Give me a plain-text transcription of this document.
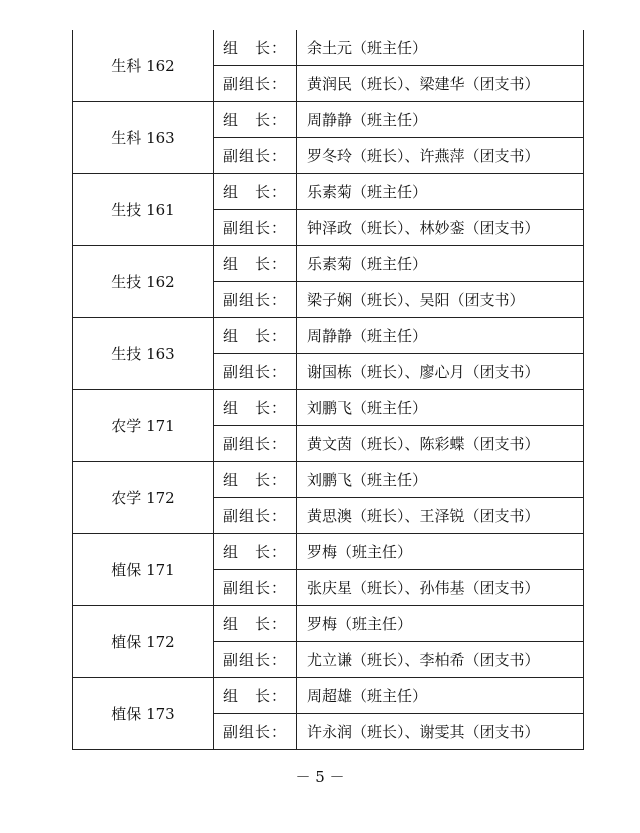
生科 162	组　长：	余土元（班主任）
	副组长：	黄润民（班长）、梁建华（团支书）
生科 163	组　长：	周静静（班主任）
	副组长：	罗冬玲（班长）、许燕萍（团支书）
生技 161	组　长：	乐素菊（班主任）
	副组长：	钟泽政（班长）、林妙銮（团支书）
生技 162	组　长：	乐素菊（班主任）
	副组长：	梁子娴（班长）、吴阳（团支书）
生技 163	组　长：	周静静（班主任）
	副组长：	谢国栋（班长）、廖心月（团支书）
农学 171	组　长：	刘鹏飞（班主任）
	副组长：	黄文茵（班长）、陈彩蝶（团支书）
农学 172	组　长：	刘鹏飞（班主任）
	副组长：	黄思澳（班长）、王泽锐（团支书）
植保 171	组　长：	罗梅（班主任）
	副组长：	张庆星（班长）、孙伟基（团支书）
植保 172	组　长：	罗梅（班主任）
	副组长：	尤立谦（班长）、李柏希（团支书）
植保 173	组　长：	周超雄（班主任）
	副组长：	许永润（班长）、谢雯其（团支书）
－ 5 －
